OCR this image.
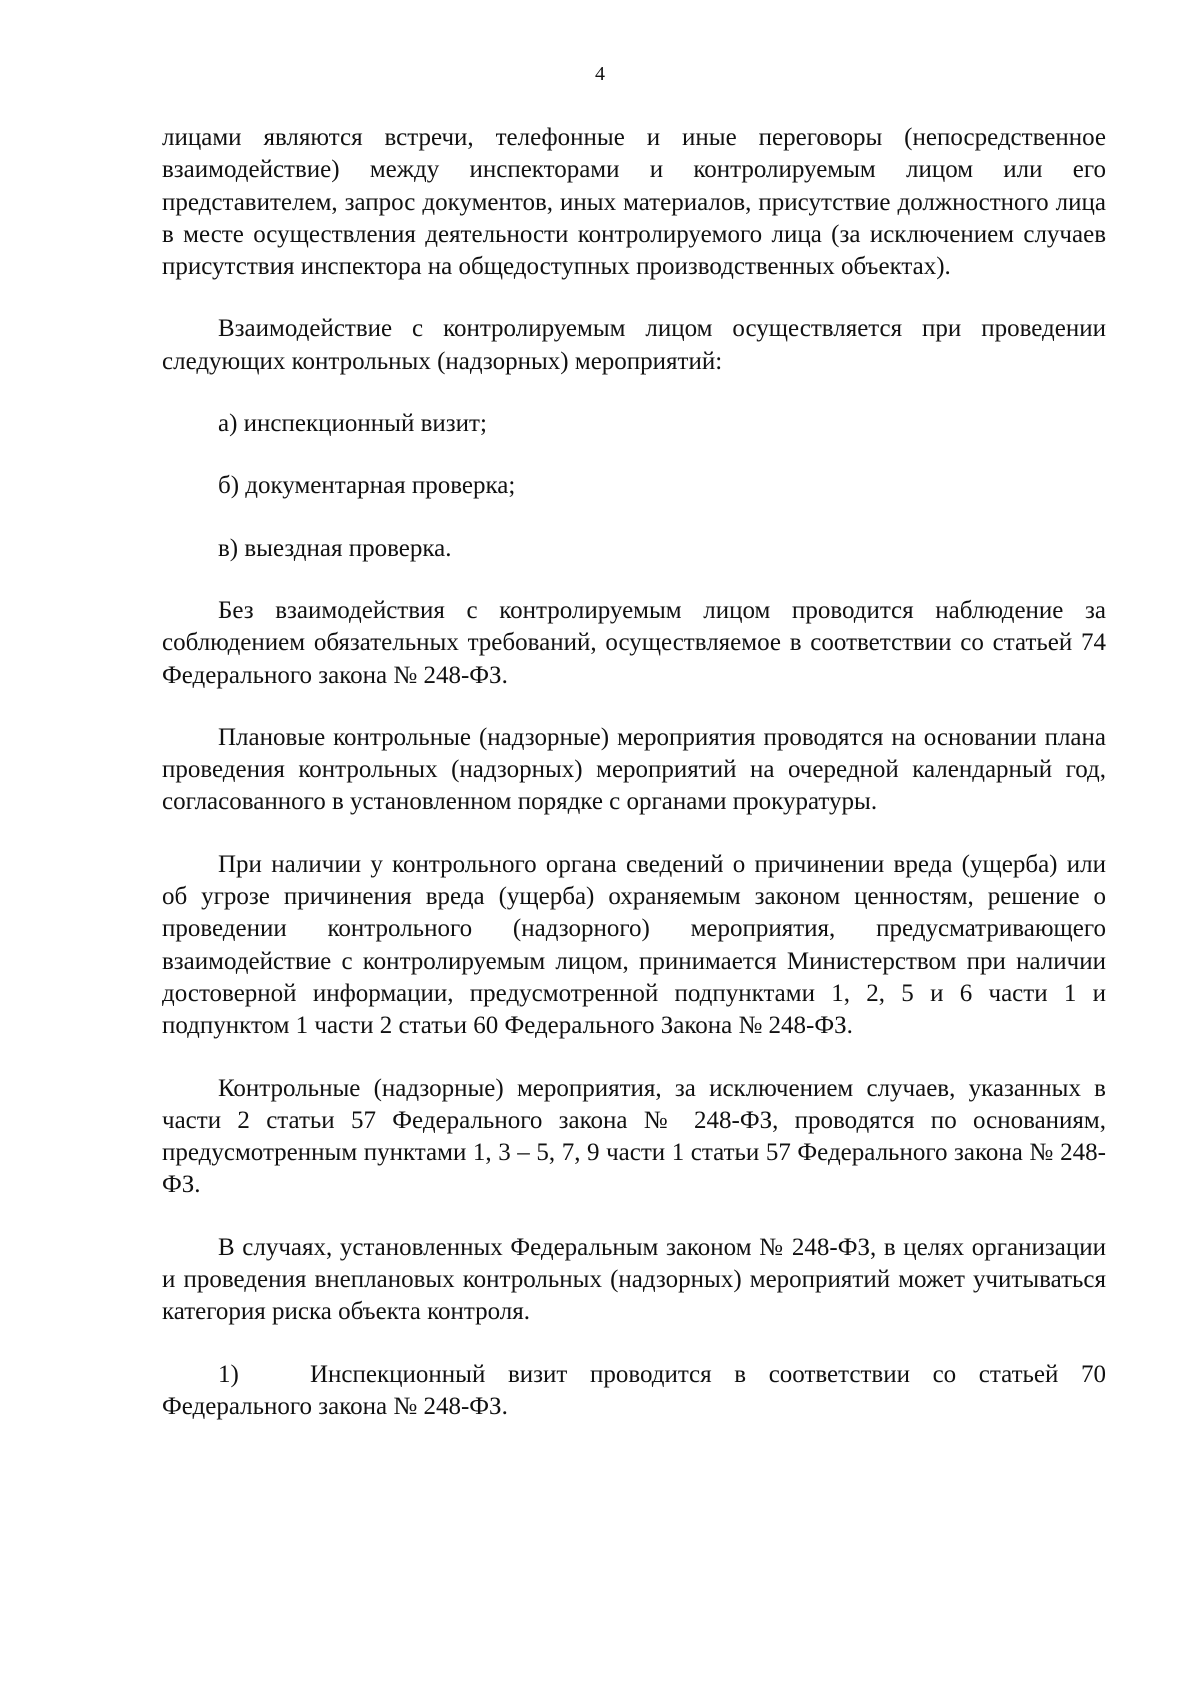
4

лицами являются встречи, телефонные и иные переговоры (непосредственное взаимодействие) между инспекторами и контролируемым лицом или его представителем, запрос документов, иных материалов, присутствие должностного лица в месте осуществления деятельности контролируемого лица (за исключением случаев присутствия инспектора на общедоступных производственных объектах).

Взаимодействие с контролируемым лицом осуществляется при проведении следующих контрольных (надзорных) мероприятий:

а) инспекционный визит;

б) документарная проверка;

в) выездная проверка.

Без взаимодействия с контролируемым лицом проводится наблюдение за соблюдением обязательных требований, осуществляемое в соответствии со статьей 74 Федерального закона № 248-ФЗ.

Плановые контрольные (надзорные) мероприятия проводятся на основании плана проведения контрольных (надзорных) мероприятий на очередной календарный год, согласованного в установленном порядке с органами прокуратуры.

При наличии у контрольного органа сведений о причинении вреда (ущерба) или об угрозе причинения вреда (ущерба) охраняемым законом ценностям, решение о проведении контрольного (надзорного) мероприятия, предусматривающего взаимодействие с контролируемым лицом, принимается Министерством при наличии достоверной информации, предусмотренной подпунктами 1, 2, 5 и 6 части 1 и подпунктом 1 части 2 статьи 60 Федерального Закона № 248-ФЗ.

Контрольные (надзорные) мероприятия, за исключением случаев, указанных в части 2 статьи 57 Федерального закона № 248-ФЗ, проводятся по основаниям, предусмотренным пунктами 1, 3 – 5, 7, 9 части 1 статьи 57 Федерального закона № 248-ФЗ.

В случаях, установленных Федеральным законом № 248-ФЗ, в целях организации и проведения внеплановых контрольных (надзорных) мероприятий может учитываться категория риска объекта контроля.

1)	Инспекционный визит проводится в соответствии со статьей 70 Федерального закона № 248-ФЗ.
